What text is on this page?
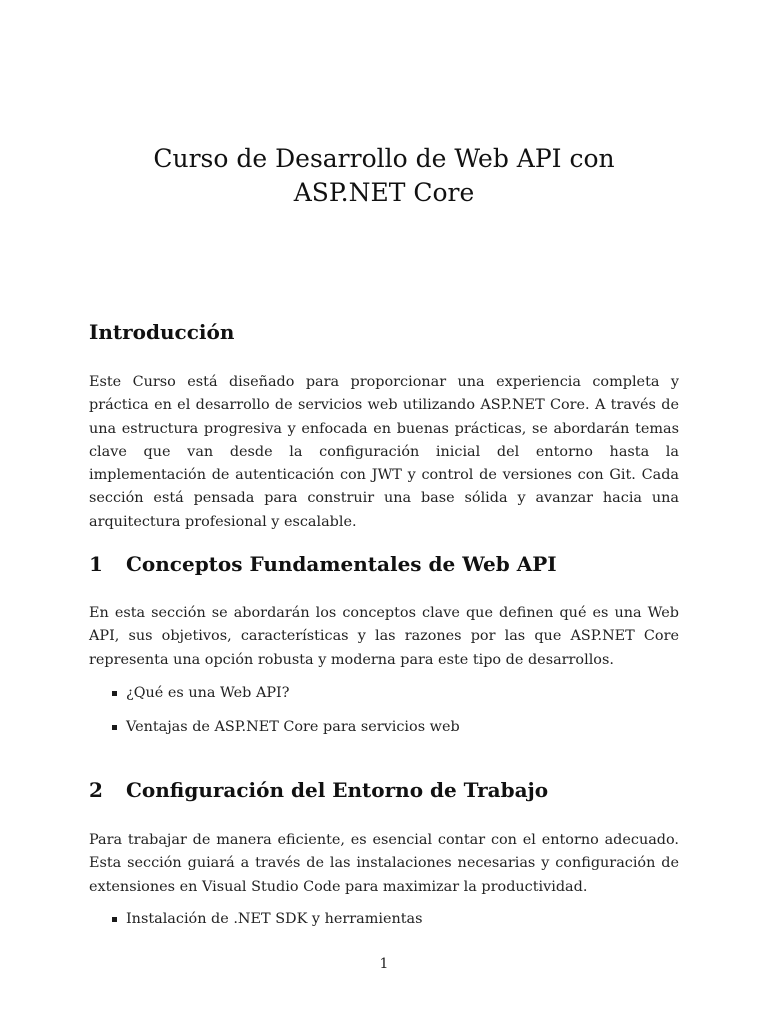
Curso de Desarrollo de Web API con
ASP.NET Core
Introducción

Este Curso está diseñado para proporcionar una experiencia completa y práctica en el desarrollo de servicios web utilizando ASP.NET Core. A través de una estructura progresiva y enfocada en buenas prácticas, se abordarán temas clave que van desde la configuración inicial del entorno hasta la implementación de autenticación con JWT y control de versiones con Git. Cada sección está pensada para construir una base sólida y avanzar hacia una arquitectura profesional y escalable.

1 Conceptos Fundamentales de Web API

En esta sección se abordarán los conceptos clave que definen qué es una Web API, sus objetivos, características y las razones por las que ASP.NET Core representa una opción robusta y moderna para este tipo de desarrollos.

¿Qué es una Web API?
Ventajas de ASP.NET Core para servicios web
2 Configuración del Entorno de Trabajo

Para trabajar de manera eficiente, es esencial contar con el entorno adecuado. Esta sección guiará a través de las instalaciones necesarias y configuración de extensiones en Visual Studio Code para maximizar la productividad.

Instalación de .NET SDK y herramientas
1
